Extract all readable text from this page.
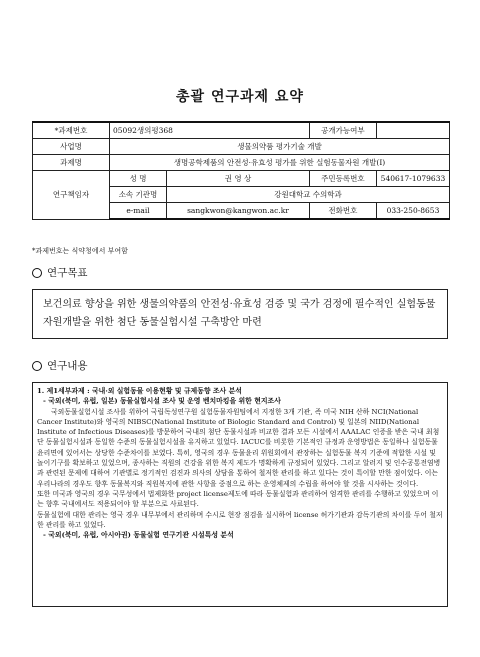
총괄 연구과제 요약
*과제번호	05092생의평368		공개가능여부	
사업명	생물의약품 평가기술 개발			
과제명	생명공학제품의 안전성·유효성 평가를 위한 실험동물자원 개발(I)			
연구책임자	성 명	권 영 상	주민등록번호	540617-1079633
	소속 기관명	강원대학교 수의학과		
	e-mail	sangkwon@kangwon.ac.kr	전화번호	033-250-8653
*과제번호는 식약청에서 부여함
연구목표
보건의료 향상을 위한 생물의약품의 안전성·유효성 검증 및 국가 검정에 필수적인 실험동물 자원개발을 위한 첨단 동물실험시설 구축방안 마련
연구내용

1. 제1세부과제 : 국내·외 실험동물 이용현황 및 규제동향 조사 분석

- 국외(북미, 유럽, 일본) 동물실험시설 조사 및 운영 벤치마킹을 위한 현지조사

국외동물실험시설 조사를 위하여 국립독성연구원 실험동물자원팀에서 지정한 3개 기관, 즉 미국 NIH 산하 NCI(National Cancer Institute)와 영국의 NIBSC(National Institute of Biologic Standard and Control) 및 일본의 NIID(National Institute of Infectious Diseases)를 방문하여 국내의 첨단 동물시설과 비교한 결과 모든 시설에서 AAALAC 인증을 받은 국내 최첨단 동물실험시설과 동일한 수준의 동물실험시설을 유지하고 있었다. IACUC를 비롯한 기본적인 규정과 운영방법은 동일하나 실험동물 윤리면에 있어서는 상당한 수준차이를 보였다. 특히, 영국의 경우 동물윤리 위원회에서 관장하는 실험동물 복지 기준에 적합한 시설 및 놀이기구를 확보하고 있었으며, 종사하는 직원의 건강을 위한 복지 제도가 명확하게 규정되어 있었다. 그리고 알러지 및 인수공통전염병과 관련된 문제에 대하여 기관별로 정기적인 검진과 의사의 상담을 통하여 철저한 관리를 하고 있다는 것이 특이할 만한 점이었다. 이는 우리나라의 경우도 향후 동물복지와 직원복지에 관한 사항을 중점으로 하는 운영체제의 수립을 하여야 할 것을 시사하는 것이다.

또한 미국과 영국의 경우 국무성에서 법제화한 project license제도에 따라 동물실험과 관리하여 엄격한 관리를 수행하고 있었으며 이는 향후 국내에서도 적용되어야 할 부분으로 사료된다.

동물실험에 대한 관리는 영국 경우 내무부에서 관리하며 수시로 현장 점검을 실시하여 license 허가기관과 감독기관의 차이를 두어 철저한 관리를 하고 있었다.

- 국외(북미, 유럽, 아시아권) 동물실험 연구기관 시설특성 분석
